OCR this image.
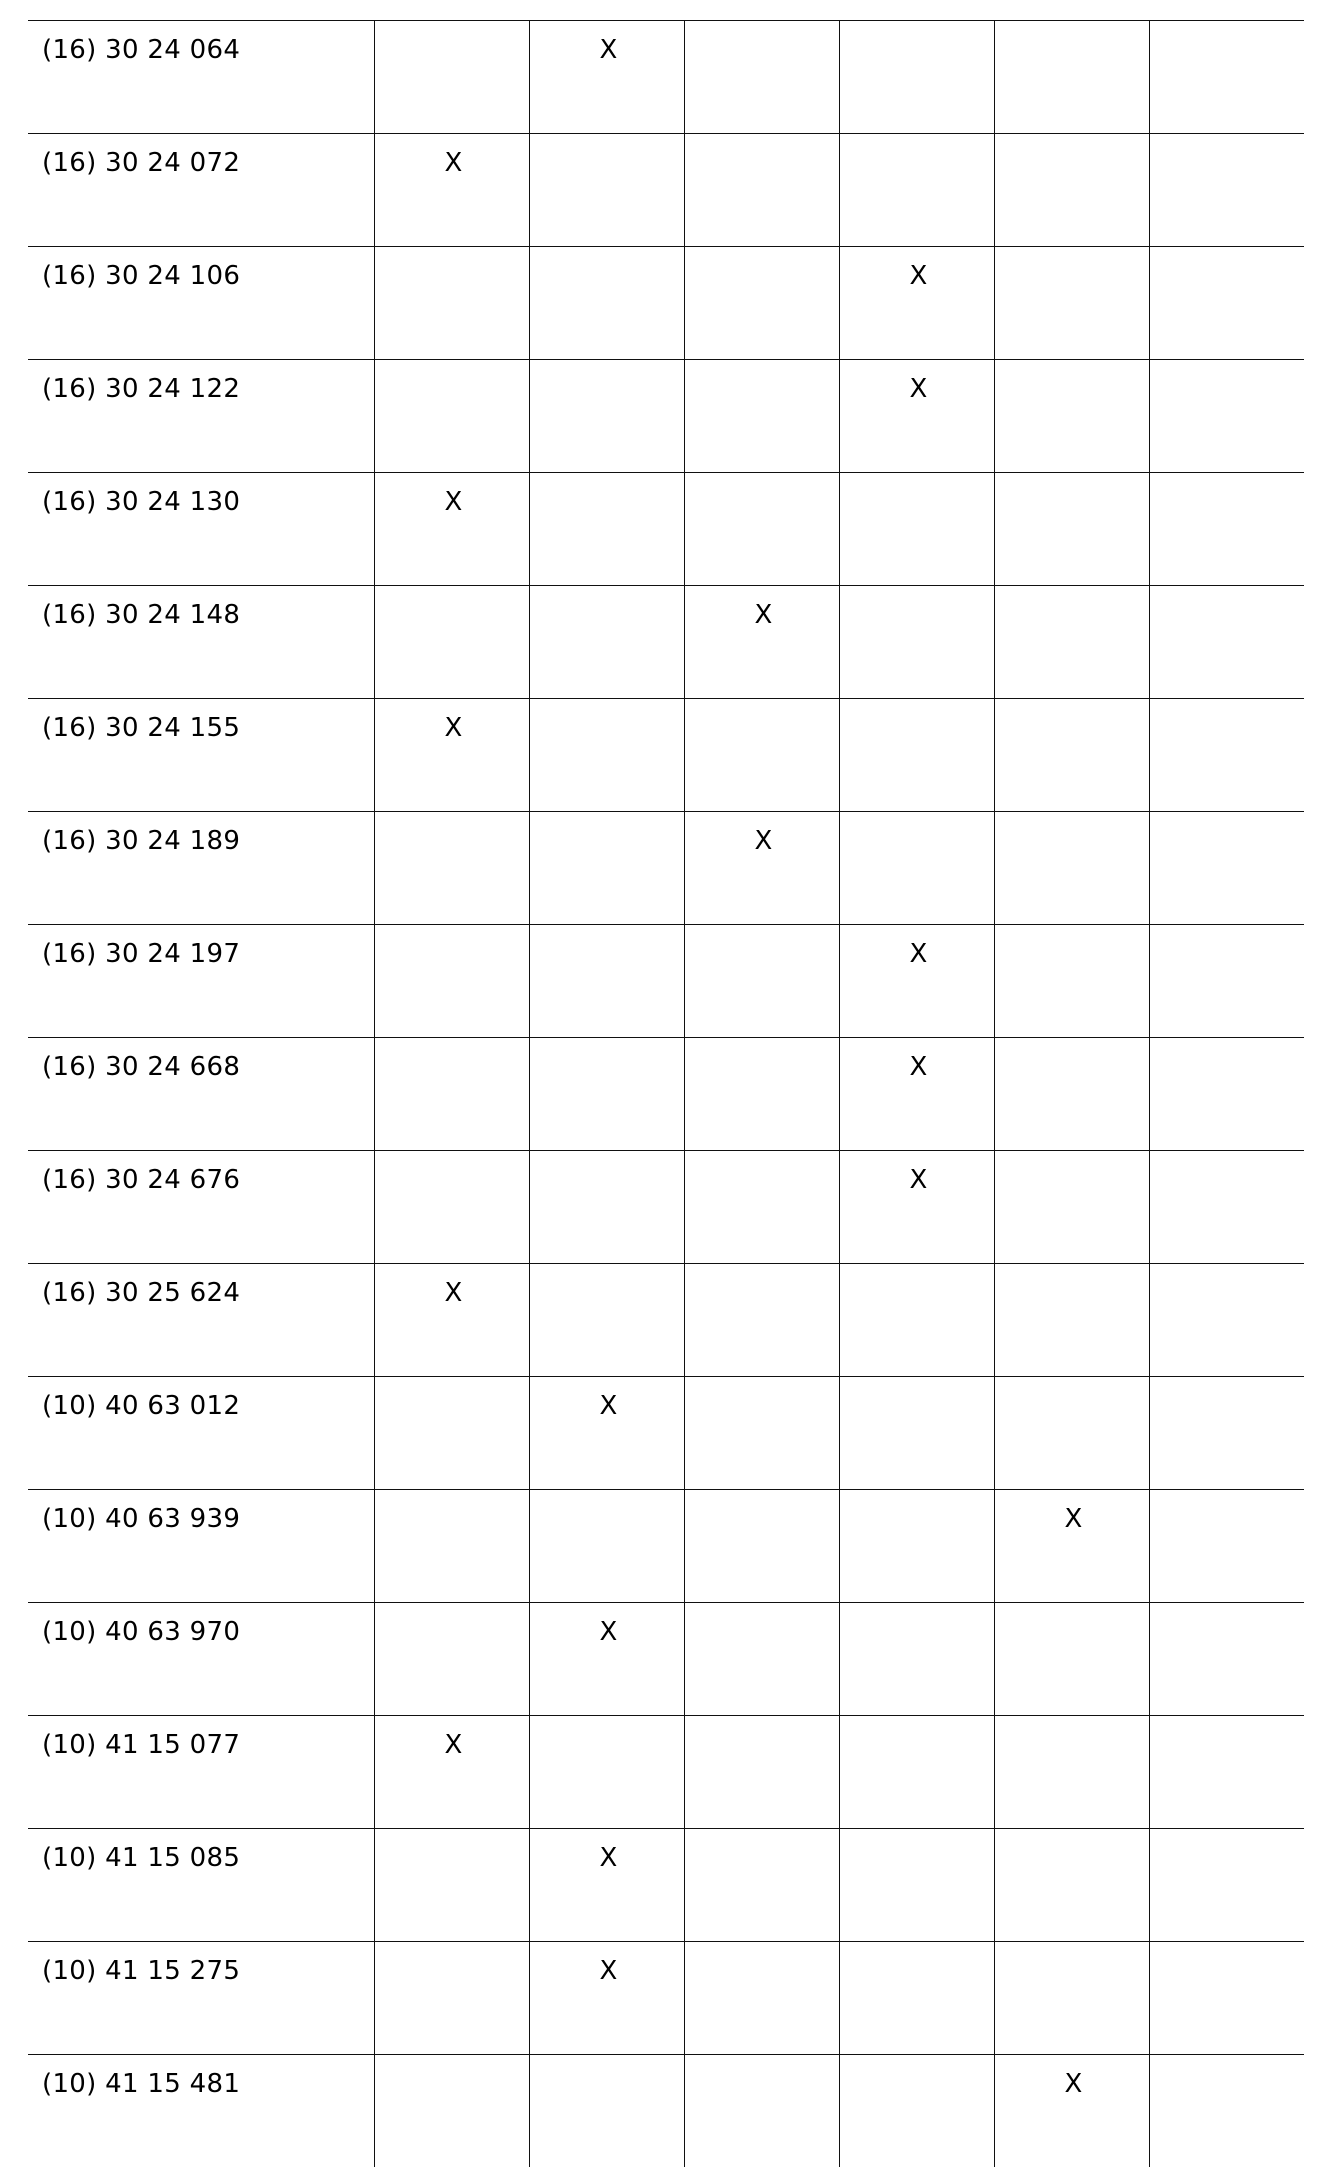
(16) 30 24 064		X				
(16) 30 24 072	X					
(16) 30 24 106				X		
(16) 30 24 122				X		
(16) 30 24 130	X					
(16) 30 24 148			X			
(16) 30 24 155	X					
(16) 30 24 189			X			
(16) 30 24 197				X		
(16) 30 24 668				X		
(16) 30 24 676				X		
(16) 30 25 624	X					
(10) 40 63 012		X				
(10) 40 63 939					X	
(10) 40 63 970		X				
(10) 41 15 077	X					
(10) 41 15 085		X				
(10) 41 15 275		X				
(10) 41 15 481					X	
